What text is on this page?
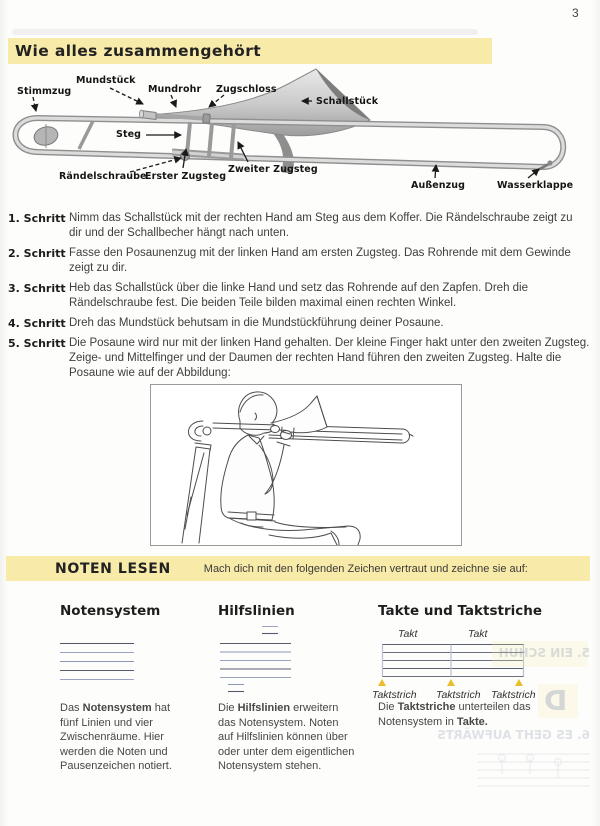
3
Wie alles zusammengehört
Stimmzug
Mundstück
Mundrohr Zugschloss
Schallstück
Steg
Rändelschraube
Erster Zugsteg
Zweiter Zugsteg
Außenzug	Wasserklappe
1. Schritt Nimm das Schallstück mit der rechten Hand am Steg aus dem Koffer. Die Rändelschraube zeigt zu
dir und der Schallbecher hängt nach unten.
2. Schritt Fasse den Posaunenzug mit der linken Hand am ersten Zugsteg. Das Rohrende mit dem Gewinde
zeigt zu dir.
3. Schritt Heb das Schallstück über die linke Hand und setz das Rohrende auf den Zapfen. Dreh die
Rändelschraube fest. Die beiden Teile bilden maximal einen rechten Winkel.
4. Schritt Dreh das Mundstück behutsam in die Mundstückführung deiner Posaune.
5. Schritt Die Posaune wird nur mit der linken Hand gehalten. Der kleine Finger hakt unter den zweiten Zugsteg.
Zeige- und Mittelfinger und der Daumen der rechten Hand führen den zweiten Zugsteg. Halte die
Posaune wie auf der Abbildung:
NOTEN LESEN	Mach dich mit den folgenden Zeichen vertraut und zeichne sie auf:
Notensystem
Das Notensystem hat
fünf Linien und vier
Zwischenräume. Hier
werden die Noten und
Pausenzeichen notiert.
Hilfslinien
Die Hilfslinien erweitern
das Notensystem. Noten
auf Hilfslinien können über
oder unter dem eigentlichen
Notensystem stehen.
Takte und Taktstriche
Takt	Takt
Taktstrich Taktstrich Taktstrich
Die Taktstriche unterteilen das
Notensystem in Takte.
5. EIN SCHUH
D
6. ES GEHT AUFWÄRTS
